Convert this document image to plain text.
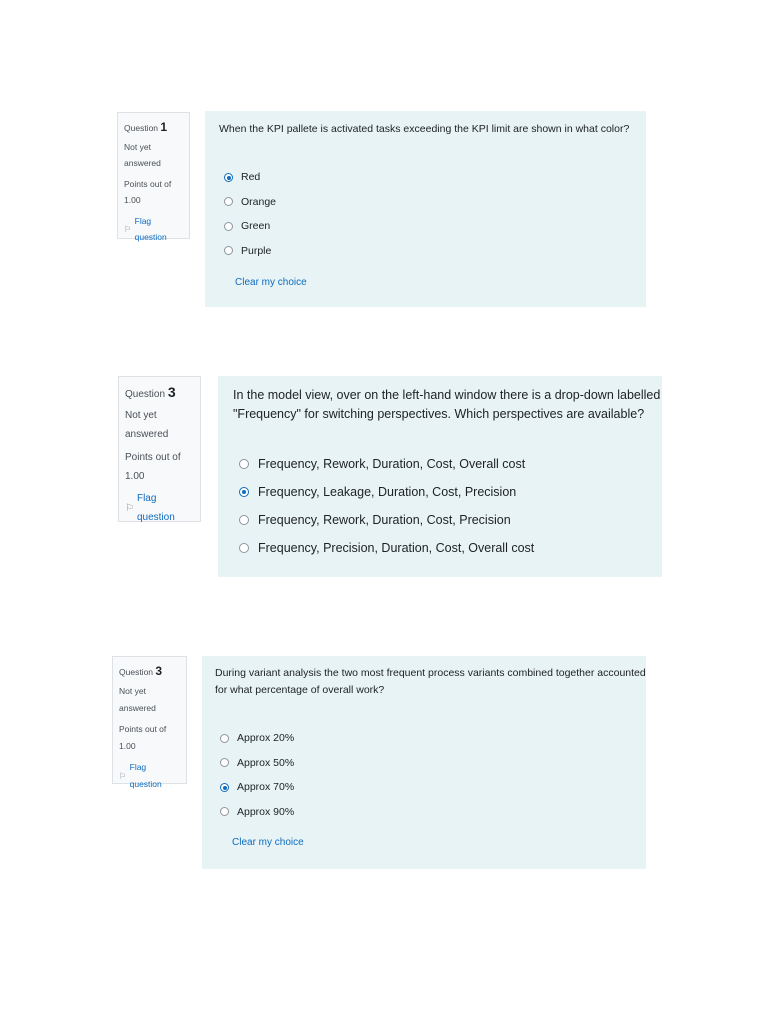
Question 1
Not yet answered
Points out of 1.00
⚐
Flag question

When the KPI pallete is activated tasks exceeding the KPI limit are shown in what color?

Red
Orange
Green
Purple
Clear my choice
Question 3
Not yet answered
Points out of 1.00
⚐
Flag question

In the model view, over on the left-hand window there is a drop-down labelled "Frequency" for switching perspectives. Which perspectives are available?

Frequency, Rework, Duration, Cost, Overall cost
Frequency, Leakage, Duration, Cost, Precision
Frequency, Rework, Duration, Cost, Precision
Frequency, Precision, Duration, Cost, Overall cost
Question 3
Not yet answered
Points out of 1.00
⚐
Flag question

During variant analysis the two most frequent process variants combined together accounted for what percentage of overall work?

Approx 20%
Approx 50%
Approx 70%
Approx 90%
Clear my choice
